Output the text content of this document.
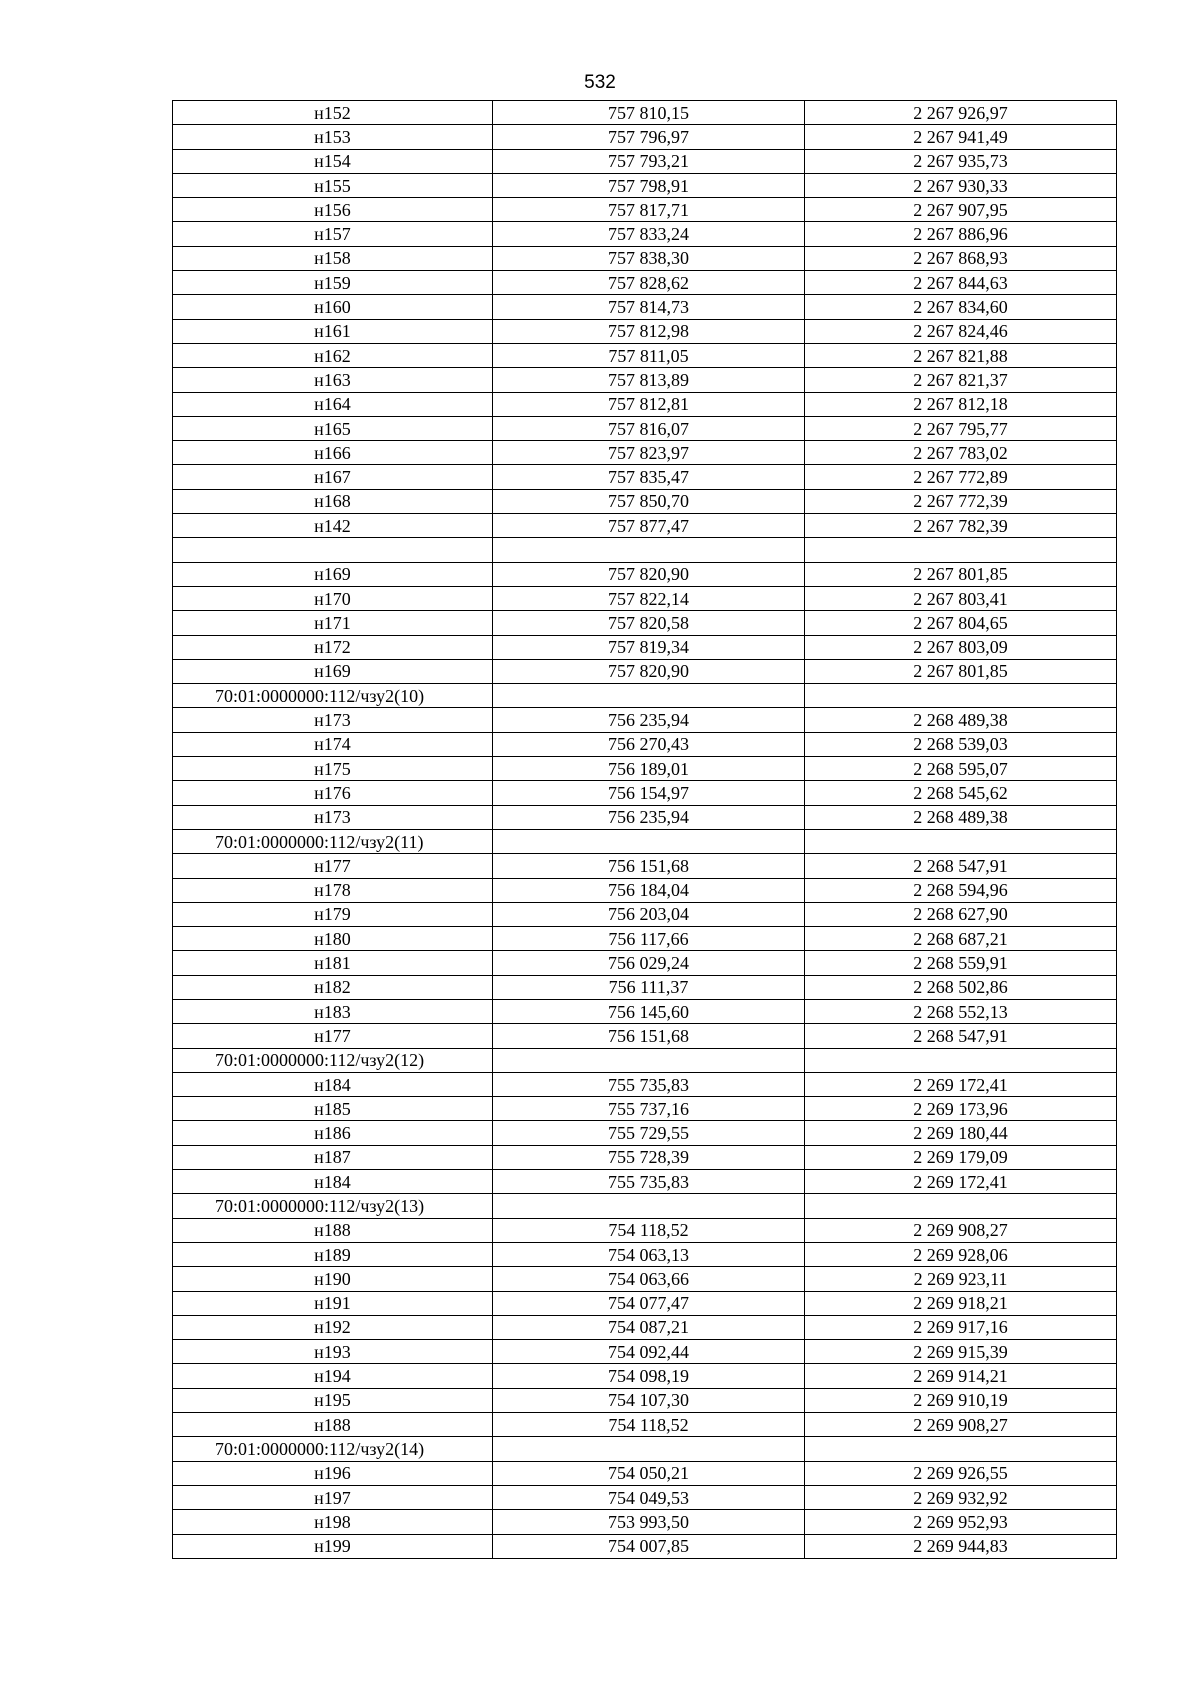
532
н152	757 810,15	2 267 926,97
н153	757 796,97	2 267 941,49
н154	757 793,21	2 267 935,73
н155	757 798,91	2 267 930,33
н156	757 817,71	2 267 907,95
н157	757 833,24	2 267 886,96
н158	757 838,30	2 267 868,93
н159	757 828,62	2 267 844,63
н160	757 814,73	2 267 834,60
н161	757 812,98	2 267 824,46
н162	757 811,05	2 267 821,88
н163	757 813,89	2 267 821,37
н164	757 812,81	2 267 812,18
н165	757 816,07	2 267 795,77
н166	757 823,97	2 267 783,02
н167	757 835,47	2 267 772,89
н168	757 850,70	2 267 772,39
н142	757 877,47	2 267 782,39

н169	757 820,90	2 267 801,85
н170	757 822,14	2 267 803,41
н171	757 820,58	2 267 804,65
н172	757 819,34	2 267 803,09
н169	757 820,90	2 267 801,85
70:01:0000000:112/чзу2(10)		
н173	756 235,94	2 268 489,38
н174	756 270,43	2 268 539,03
н175	756 189,01	2 268 595,07
н176	756 154,97	2 268 545,62
н173	756 235,94	2 268 489,38
70:01:0000000:112/чзу2(11)		
н177	756 151,68	2 268 547,91
н178	756 184,04	2 268 594,96
н179	756 203,04	2 268 627,90
н180	756 117,66	2 268 687,21
н181	756 029,24	2 268 559,91
н182	756 111,37	2 268 502,86
н183	756 145,60	2 268 552,13
н177	756 151,68	2 268 547,91
70:01:0000000:112/чзу2(12)		
н184	755 735,83	2 269 172,41
н185	755 737,16	2 269 173,96
н186	755 729,55	2 269 180,44
н187	755 728,39	2 269 179,09
н184	755 735,83	2 269 172,41
70:01:0000000:112/чзу2(13)		
н188	754 118,52	2 269 908,27
н189	754 063,13	2 269 928,06
н190	754 063,66	2 269 923,11
н191	754 077,47	2 269 918,21
н192	754 087,21	2 269 917,16
н193	754 092,44	2 269 915,39
н194	754 098,19	2 269 914,21
н195	754 107,30	2 269 910,19
н188	754 118,52	2 269 908,27
70:01:0000000:112/чзу2(14)		
н196	754 050,21	2 269 926,55
н197	754 049,53	2 269 932,92
н198	753 993,50	2 269 952,93
н199	754 007,85	2 269 944,83
